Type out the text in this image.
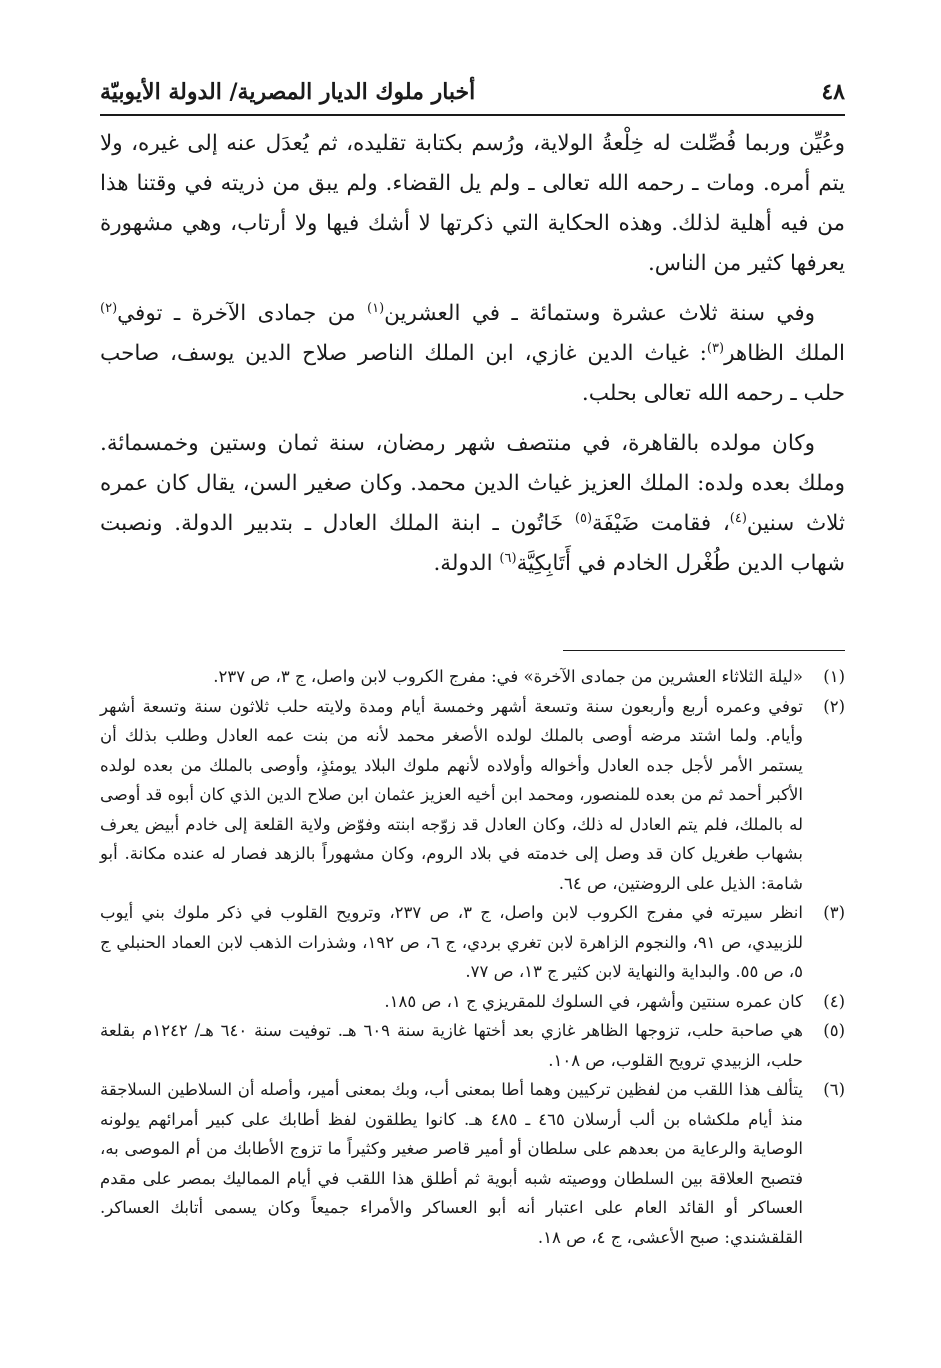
٤٨
أخبار ملوك الديار المصرية/ الدولة الأيوبيّة

وعُيِّن وربما فُصِّلت له خِلْعةُ الولاية، ورُسم بكتابة تقليده، ثم يُعدَل عنه إلى غيره، ولا يتم أمره. ومات ـ رحمه الله تعالى ـ ولم يل القضاء. ولم يبق من ذريته في وقتنا هذا من فيه أهلية لذلك. وهذه الحكاية التي ذكرتها لا أشك فيها ولا أرتاب، وهي مشهورة يعرفها كثير من الناس.

وفي سنة ثلاث عشرة وستمائة ـ في العشرين$^{(١)}$ من جمادى الآخرة ـ توفي$^{(٢)}$ الملك الظاهر$^{(٣)}$: غياث الدين غازي، ابن الملك الناصر صلاح الدين يوسف، صاحب حلب ـ رحمه الله تعالى بحلب.

وكان مولده بالقاهرة، في منتصف شهر رمضان، سنة ثمان وستين وخمسمائة. وملك بعده ولده: الملك العزيز غياث الدين محمد. وكان صغير السن، يقال كان عمره ثلاث سنين$^{(٤)}$، فقامت ضَيْفَة$^{(٥)}$ خَاتُون ـ ابنة الملك العادل ـ بتدبير الدولة. ونصبت شهاب الدين طُغْرل الخادم في أَتَابِكِيَّة$^{(٦)}$ الدولة.

(١)
«ليلة الثلاثاء العشرين من جمادى الآخرة» في: مفرج الكروب لابن واصل، ج ٣، ص ٢٣٧.
(٢)
توفي وعمره أربع وأربعون سنة وتسعة أشهر وخمسة أيام ومدة ولايته حلب ثلاثون سنة وتسعة أشهر وأيام. ولما اشتد مرضه أوصى بالملك لولده الأصغر محمد لأنه من بنت عمه العادل وطلب بذلك أن يستمر الأمر لأجل جده العادل وأخواله وأولاده لأنهم ملوك البلاد يومئذٍ، وأوصى بالملك من بعده لولده الأكبر أحمد ثم من بعده للمنصور، ومحمد ابن أخيه العزيز عثمان ابن صلاح الدين الذي كان أبوه قد أوصى له بالملك، فلم يتم العادل له ذلك، وكان العادل قد زوّجه ابنته وفوّض ولاية القلعة إلى خادم أبيض يعرف بشهاب طغريل كان قد وصل إلى خدمته في بلاد الروم، وكان مشهوراً بالزهد فصار له عنده مكانة. أبو شامة: الذيل على الروضتين، ص ٦٤.
(٣)
انظر سيرته في مفرج الكروب لابن واصل، ج ٣، ص ٢٣٧، وترويح القلوب في ذكر ملوك بني أيوب للزبيدي، ص ٩١، والنجوم الزاهرة لابن تغري بردي، ج ٦، ص ١٩٢، وشذرات الذهب لابن العماد الحنبلي ج ٥، ص ٥٥. والبداية والنهاية لابن كثير ج ١٣، ص ٧٧.
(٤)
كان عمره سنتين وأشهر، في السلوك للمقريزي ج ١، ص ١٨٥.
(٥)
هي صاحبة حلب، تزوجها الظاهر غازي بعد أختها غازية سنة ٦٠٩ هـ. توفيت سنة ٦٤٠ هـ/ ١٢٤٢م بقلعة حلب، الزبيدي ترويح القلوب، ص ١٠٨.
(٦)
يتألف هذا اللقب من لفظين تركيين وهما أطا بمعنى أب، وبك بمعنى أمير، وأصله أن السلاطين السلاجقة منذ أيام ملكشاه بن ألب أرسلان ٤٦٥ ـ ٤٨٥ هـ. كانوا يطلقون لفظ أطابك على كبير أمرائهم يولونه الوصاية والرعاية من بعدهم على سلطان أو أمير قاصر صغير وكثيراً ما تزوج الأطابك من أم الموصى به، فتصبح العلاقة بين السلطان ووصيته شبه أبوية ثم أطلق هذا اللقب في أيام المماليك بمصر على مقدم العساكر أو القائد العام على اعتبار أنه أبو العساكر والأمراء جميعاً وكان يسمى أتابك العساكر. القلقشندي: صبح الأعشى، ج ٤، ص ١٨.
